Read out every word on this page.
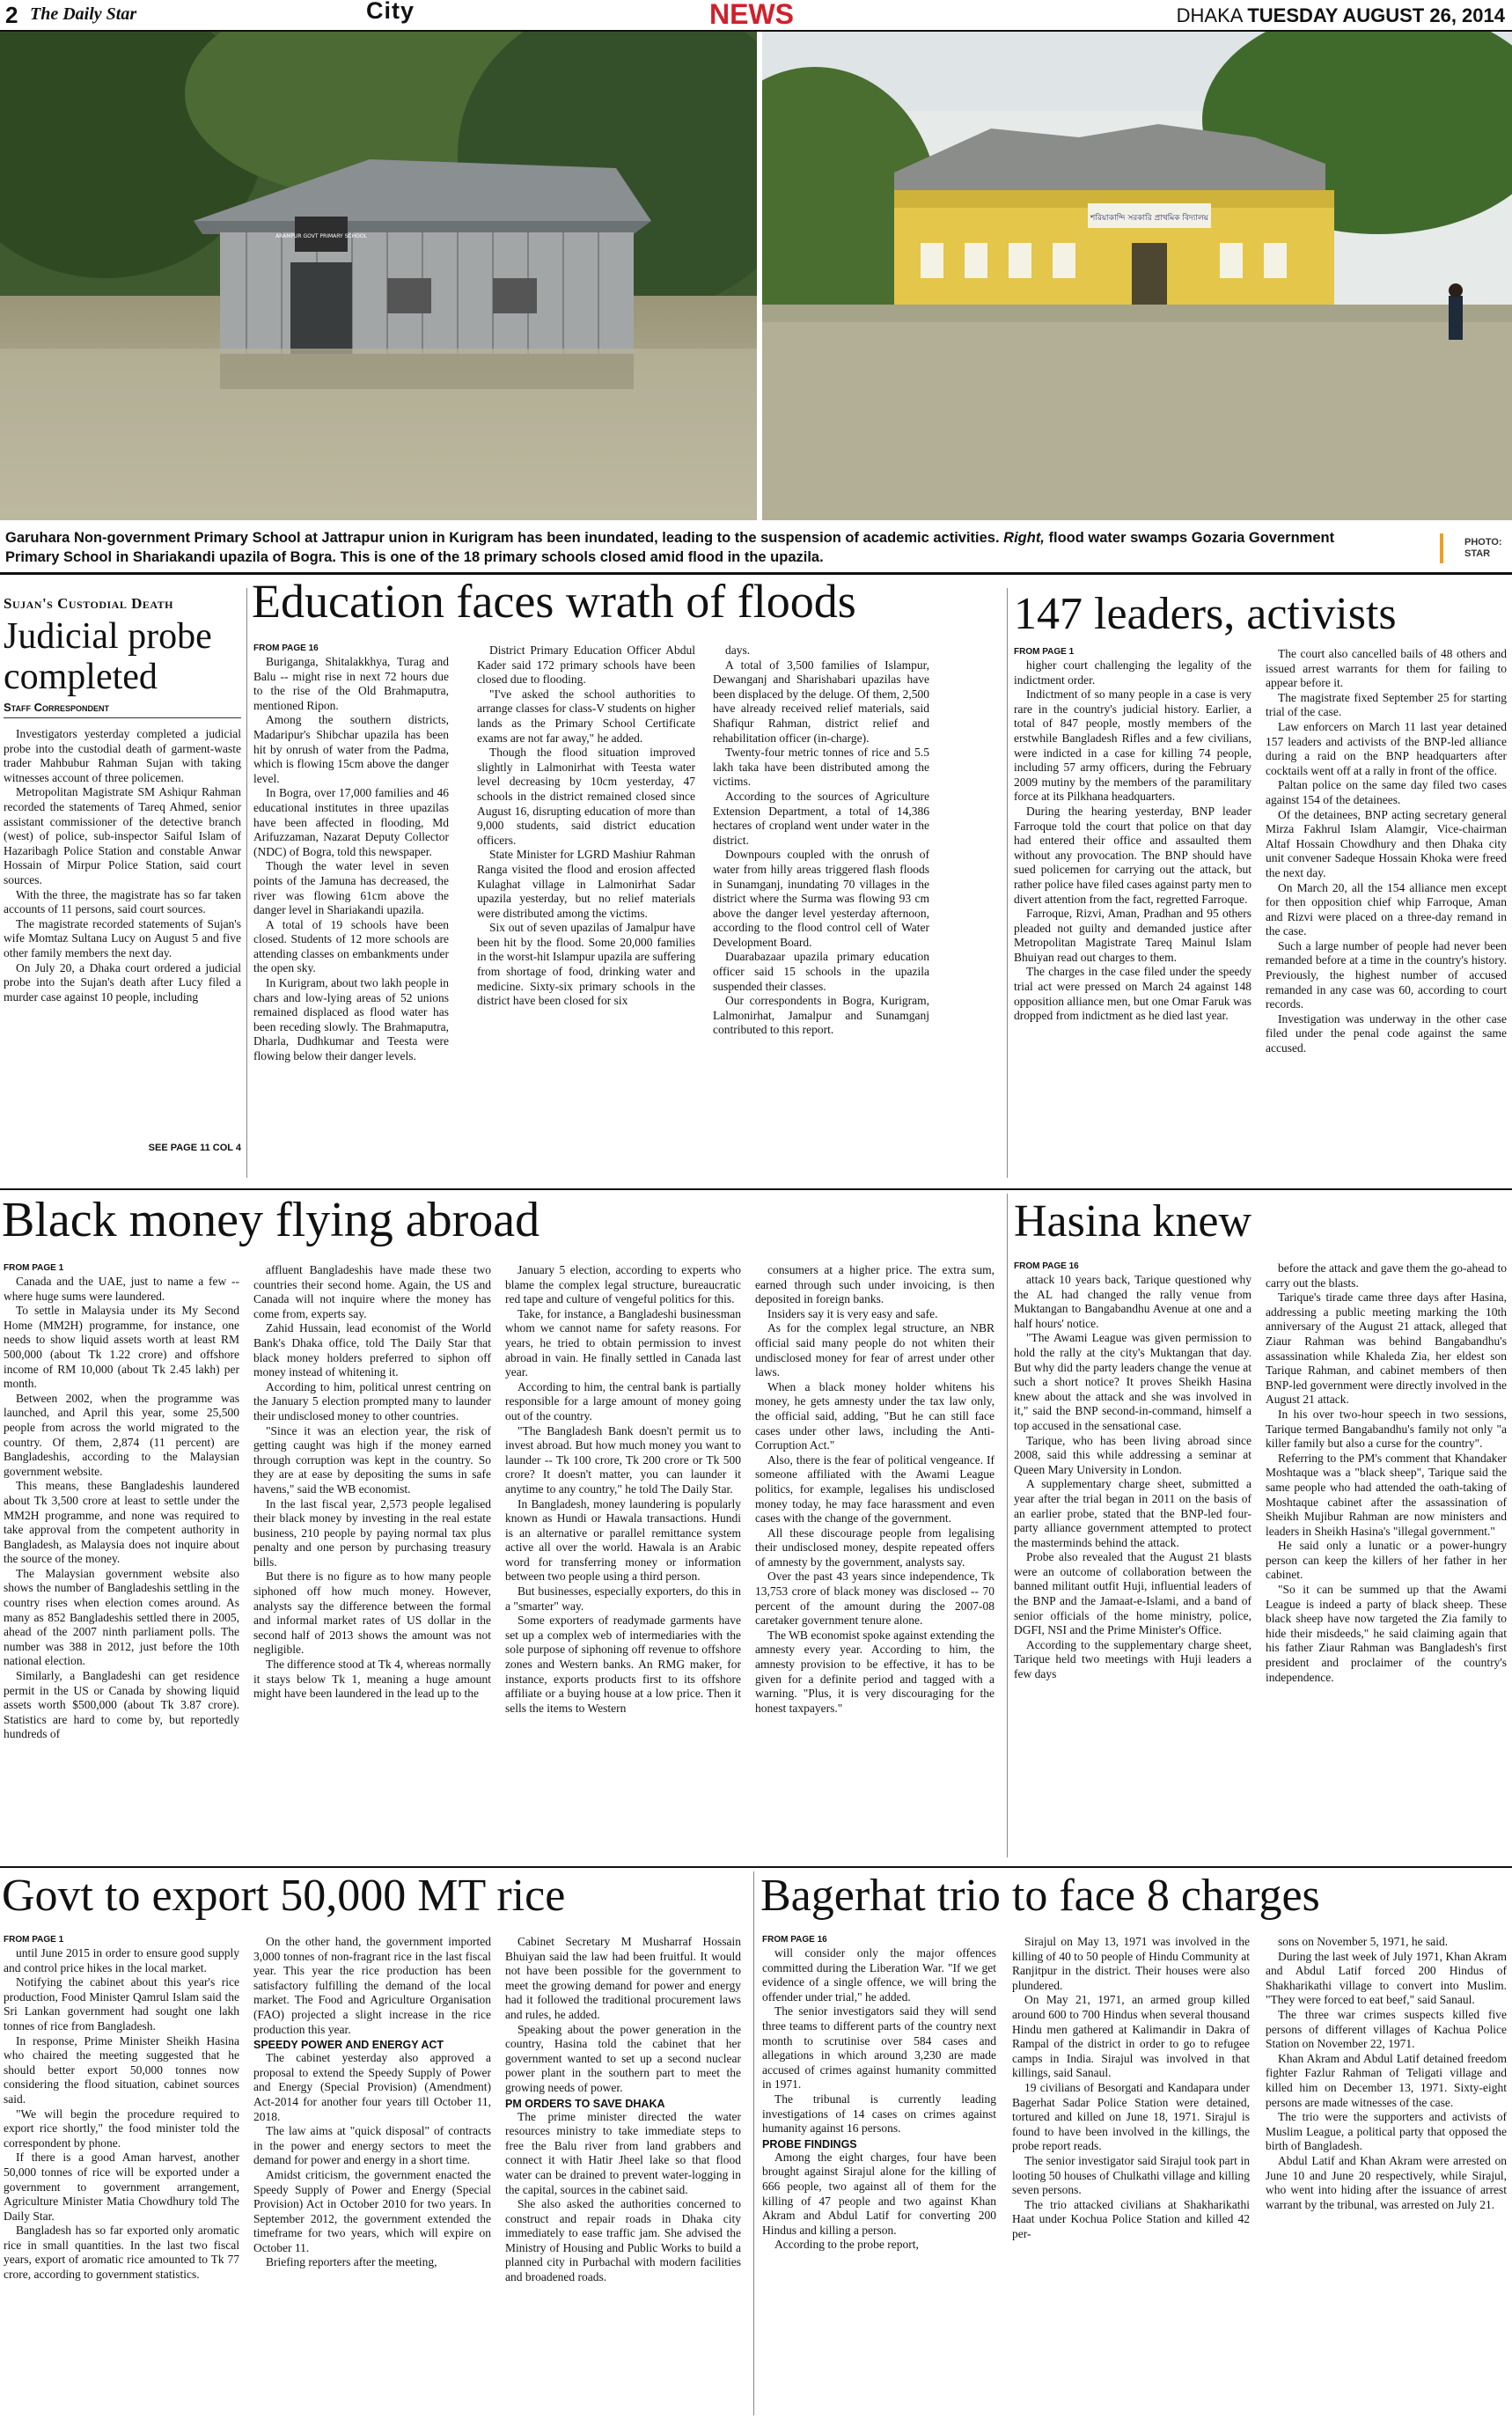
2 The Daily Star	City	NEWS	DHAKA TUESDAY AUGUST 26, 2014
ARAMPUR GOVT PRIMARY SCHOOL
শরিয়াকান্দি সরকারি প্রাথমিক বিদ্যালয়
Garuhara Non-government Primary School at Jattrapur union in Kurigram has been inundated, leading to the suspension of academic activities. Right, flood water swamps Gozaria Government Primary School in Shariakandi upazila of Bogra. This is one of the 18 primary schools closed amid flood in the upazila.
PHOTO: STAR
Sujan's Custodial Death
Judicial probe completed
Staff Correspondent

Investigators yesterday completed a judicial probe into the custodial death of garment-waste trader Mahbubur Rahman Sujan with taking witnesses account of three policemen.

Metropolitan Magistrate SM Ashiqur Rahman recorded the statements of Tareq Ahmed, senior assistant commissioner of the detective branch (west) of police, sub-inspector Saiful Islam of Hazaribagh Police Station and constable Anwar Hossain of Mirpur Police Station, said court sources.

With the three, the magistrate has so far taken accounts of 11 persons, said court sources.

The magistrate recorded statements of Sujan's wife Momtaz Sultana Lucy on August 5 and five other family members the next day.

On July 20, a Dhaka court ordered a judicial probe into the Sujan's death after Lucy filed a murder case against 10 people, including

SEE PAGE 11 COL 4
Education faces wrath of floods
FROM PAGE 16

Buriganga, Shitalakkhya, Turag and Balu -- might rise in next 72 hours due to the rise of the Old Brahmaputra, mentioned Ripon.

Among the southern districts, Madaripur's Shibchar upazila has been hit by onrush of water from the Padma, which is flowing 15cm above the danger level.

In Bogra, over 17,000 families and 46 educational institutes in three upazilas have been affected in flooding, Md Arifuzzaman, Nazarat Deputy Collector (NDC) of Bogra, told this newspaper.

Though the water level in seven points of the Jamuna has decreased, the river was flowing 61cm above the danger level in Shariakandi upazila.

A total of 19 schools have been closed. Students of 12 more schools are attending classes on embankments under the open sky.

In Kurigram, about two lakh people in chars and low-lying areas of 52 unions remained displaced as flood water has been receding slowly. The Brahmaputra, Dharla, Dudhkumar and Teesta were flowing below their danger levels.

District Primary Education Officer Abdul Kader said 172 primary schools have been closed due to flooding.

"I've asked the school authorities to arrange classes for class-V students on higher lands as the Primary School Certificate exams are not far away," he added.

Though the flood situation improved slightly in Lalmonirhat with Teesta water level decreasing by 10cm yesterday, 47 schools in the district remained closed since August 16, disrupting education of more than 9,000 students, said district education officers.

State Minister for LGRD Mashiur Rahman Ranga visited the flood and erosion affected Kulaghat village in Lalmonirhat Sadar upazila yesterday, but no relief materials were distributed among the victims.

Six out of seven upazilas of Jamalpur have been hit by the flood. Some 20,000 families in the worst-hit Islampur upazila are suffering from shortage of food, drinking water and medicine. Sixty-six primary schools in the district have been closed for six

days.

A total of 3,500 families of Islampur, Dewanganj and Sharishabari upazilas have been displaced by the deluge. Of them, 2,500 have already received relief materials, said Shafiqur Rahman, district relief and rehabilitation officer (in-charge).

Twenty-four metric tonnes of rice and 5.5 lakh taka have been distributed among the victims.

According to the sources of Agriculture Extension Department, a total of 14,386 hectares of cropland went under water in the district.

Downpours coupled with the onrush of water from hilly areas triggered flash floods in Sunamganj, inundating 70 villages in the district where the Surma was flowing 93 cm above the danger level yesterday afternoon, according to the flood control cell of Water Development Board.

Duarabazaar upazila primary education officer said 15 schools in the upazila suspended their classes.

Our correspondents in Bogra, Kurigram, Lalmonirhat, Jamalpur and Sunamganj contributed to this report.

147 leaders, activists
FROM PAGE 1

higher court challenging the legality of the indictment order.

Indictment of so many people in a case is very rare in the country's judicial history. Earlier, a total of 847 people, mostly members of the erstwhile Bangladesh Rifles and a few civilians, were indicted in a case for killing 74 people, including 57 army officers, during the February 2009 mutiny by the members of the paramilitary force at its Pilkhana headquarters.

During the hearing yesterday, BNP leader Farroque told the court that police on that day had entered their office and assaulted them without any provocation. The BNP should have sued policemen for carrying out the attack, but rather police have filed cases against party men to divert attention from the fact, regretted Farroque.

Farroque, Rizvi, Aman, Pradhan and 95 others pleaded not guilty and demanded justice after Metropolitan Magistrate Tareq Mainul Islam Bhuiyan read out charges to them.

The charges in the case filed under the speedy trial act were pressed on March 24 against 148 opposition alliance men, but one Omar Faruk was dropped from indictment as he died last year.

The court also cancelled bails of 48 others and issued arrest warrants for them for failing to appear before it.

The magistrate fixed September 25 for starting trial of the case.

Law enforcers on March 11 last year detained 157 leaders and activists of the BNP-led alliance during a raid on the BNP headquarters after cocktails went off at a rally in front of the office.

Paltan police on the same day filed two cases against 154 of the detainees.

Of the detainees, BNP acting secretary general Mirza Fakhrul Islam Alamgir, Vice-chairman Altaf Hossain Chowdhury and then Dhaka city unit convener Sadeque Hossain Khoka were freed the next day.

On March 20, all the 154 alliance men except for then opposition chief whip Farroque, Aman and Rizvi were placed on a three-day remand in the case.

Such a large number of people had never been remanded before at a time in the country's history. Previously, the highest number of accused remanded in any case was 60, according to court records.

Investigation was underway in the other case filed under the penal code against the same accused.

Black money flying abroad
FROM PAGE 1

Canada and the UAE, just to name a few -- where huge sums were laundered.

To settle in Malaysia under its My Second Home (MM2H) programme, for instance, one needs to show liquid assets worth at least RM 500,000 (about Tk 1.22 crore) and offshore income of RM 10,000 (about Tk 2.45 lakh) per month.

Between 2002, when the programme was launched, and April this year, some 25,500 people from across the world migrated to the country. Of them, 2,874 (11 percent) are Bangladeshis, according to the Malaysian government website.

This means, these Bangladeshis laundered about Tk 3,500 crore at least to settle under the MM2H programme, and none was required to take approval from the competent authority in Bangladesh, as Malaysia does not inquire about the source of the money.

The Malaysian government website also shows the number of Bangladeshis settling in the country rises when election comes around. As many as 852 Bangladeshis settled there in 2005, ahead of the 2007 ninth parliament polls. The number was 388 in 2012, just before the 10th national election.

Similarly, a Bangladeshi can get residence permit in the US or Canada by showing liquid assets worth $500,000 (about Tk 3.87 crore). Statistics are hard to come by, but reportedly hundreds of

affluent Bangladeshis have made these two countries their second home. Again, the US and Canada will not inquire where the money has come from, experts say.

Zahid Hussain, lead economist of the World Bank's Dhaka office, told The Daily Star that black money holders preferred to siphon off money instead of whitening it.

According to him, political unrest centring on the January 5 election prompted many to launder their undisclosed money to other countries.

"Since it was an election year, the risk of getting caught was high if the money earned through corruption was kept in the country. So they are at ease by depositing the sums in safe havens," said the WB economist.

In the last fiscal year, 2,573 people legalised their black money by investing in the real estate business, 210 people by paying normal tax plus penalty and one person by purchasing treasury bills.

But there is no figure as to how many people siphoned off how much money. However, analysts say the difference between the formal and informal market rates of US dollar in the second half of 2013 shows the amount was not negligible.

The difference stood at Tk 4, whereas normally it stays below Tk 1, meaning a huge amount might have been laundered in the lead up to the

January 5 election, according to experts who blame the complex legal structure, bureaucratic red tape and culture of vengeful politics for this.

Take, for instance, a Bangladeshi businessman whom we cannot name for safety reasons. For years, he tried to obtain permission to invest abroad in vain. He finally settled in Canada last year.

According to him, the central bank is partially responsible for a large amount of money going out of the country.

"The Bangladesh Bank doesn't permit us to invest abroad. But how much money you want to launder -- Tk 100 crore, Tk 200 crore or Tk 500 crore? It doesn't matter, you can launder it anytime to any country," he told The Daily Star.

In Bangladesh, money laundering is popularly known as Hundi or Hawala transactions. Hundi is an alternative or parallel remittance system active all over the world. Hawala is an Arabic word for transferring money or information between two people using a third person.

But businesses, especially exporters, do this in a "smarter" way.

Some exporters of readymade garments have set up a complex web of intermediaries with the sole purpose of siphoning off revenue to offshore zones and Western banks. An RMG maker, for instance, exports products first to its offshore affiliate or a buying house at a low price. Then it sells the items to Western

consumers at a higher price. The extra sum, earned through such under invoicing, is then deposited in foreign banks.

Insiders say it is very easy and safe.

As for the complex legal structure, an NBR official said many people do not whiten their undisclosed money for fear of arrest under other laws.

When a black money holder whitens his money, he gets amnesty under the tax law only, the official said, adding, "But he can still face cases under other laws, including the Anti-Corruption Act."

Also, there is the fear of political vengeance. If someone affiliated with the Awami League politics, for example, legalises his undisclosed money today, he may face harassment and even cases with the change of the government.

All these discourage people from legalising their undisclosed money, despite repeated offers of amnesty by the government, analysts say.

Over the past 43 years since independence, Tk 13,753 crore of black money was disclosed -- 70 percent of the amount during the 2007-08 caretaker government tenure alone.

The WB economist spoke against extending the amnesty every year. According to him, the amnesty provision to be effective, it has to be given for a definite period and tagged with a warning. "Plus, it is very discouraging for the honest taxpayers."

Hasina knew
FROM PAGE 16

attack 10 years back, Tarique questioned why the AL had changed the rally venue from Muktangan to Bangabandhu Avenue at one and a half hours' notice.

"The Awami League was given permission to hold the rally at the city's Muktangan that day. But why did the party leaders change the venue at such a short notice? It proves Sheikh Hasina knew about the attack and she was involved in it," said the BNP second-in-command, himself a top accused in the sensational case.

Tarique, who has been living abroad since 2008, said this while addressing a seminar at Queen Mary University in London.

A supplementary charge sheet, submitted a year after the trial began in 2011 on the basis of an earlier probe, stated that the BNP-led four-party alliance government attempted to protect the masterminds behind the attack.

Probe also revealed that the August 21 blasts were an outcome of collaboration between the banned militant outfit Huji, influential leaders of the BNP and the Jamaat-e-Islami, and a band of senior officials of the home ministry, police, DGFI, NSI and the Prime Minister's Office.

According to the supplementary charge sheet, Tarique held two meetings with Huji leaders a few days

before the attack and gave them the go-ahead to carry out the blasts.

Tarique's tirade came three days after Hasina, addressing a public meeting marking the 10th anniversary of the August 21 attack, alleged that Ziaur Rahman was behind Bangabandhu's assassination while Khaleda Zia, her eldest son Tarique Rahman, and cabinet members of then BNP-led government were directly involved in the August 21 attack.

In his over two-hour speech in two sessions, Tarique termed Bangabandhu's family not only "a killer family but also a curse for the country".

Referring to the PM's comment that Khandaker Moshtaque was a "black sheep", Tarique said the same people who had attended the oath-taking of Moshtaque cabinet after the assassination of Sheikh Mujibur Rahman are now ministers and leaders in Sheikh Hasina's "illegal government."

He said only a lunatic or a power-hungry person can keep the killers of her father in her cabinet.

"So it can be summed up that the Awami League is indeed a party of black sheep. These black sheep have now targeted the Zia family to hide their misdeeds," he said claiming again that his father Ziaur Rahman was Bangladesh's first president and proclaimer of the country's independence.

Govt to export 50,000 MT rice
FROM PAGE 1

until June 2015 in order to ensure good supply and control price hikes in the local market.

Notifying the cabinet about this year's rice production, Food Minister Qamrul Islam said the Sri Lankan government had sought one lakh tonnes of rice from Bangladesh.

In response, Prime Minister Sheikh Hasina who chaired the meeting suggested that he should better export 50,000 tonnes now considering the flood situation, cabinet sources said.

"We will begin the procedure required to export rice shortly," the food minister told the correspondent by phone.

If there is a good Aman harvest, another 50,000 tonnes of rice will be exported under a government to government arrangement, Agriculture Minister Matia Chowdhury told The Daily Star.

Bangladesh has so far exported only aromatic rice in small quantities. In the last two fiscal years, export of aromatic rice amounted to Tk 77 crore, according to government statistics.

On the other hand, the government imported 3,000 tonnes of non-fragrant rice in the last fiscal year. This year the rice production has been satisfactory fulfilling the demand of the local market. The Food and Agriculture Organisation (FAO) projected a slight increase in the rice production this year.

SPEEDY POWER AND ENERGY ACT

The cabinet yesterday also approved a proposal to extend the Speedy Supply of Power and Energy (Special Provision) (Amendment) Act-2014 for another four years till October 11, 2018.

The law aims at "quick disposal" of contracts in the power and energy sectors to meet the demand for power and energy in a short time.

Amidst criticism, the government enacted the Speedy Supply of Power and Energy (Special Provision) Act in October 2010 for two years. In September 2012, the government extended the timeframe for two years, which will expire on October 11.

Briefing reporters after the meeting,

Cabinet Secretary M Musharraf Hossain Bhuiyan said the law had been fruitful. It would not have been possible for the government to meet the growing demand for power and energy had it followed the traditional procurement laws and rules, he added.

Speaking about the power generation in the country, Hasina told the cabinet that her government wanted to set up a second nuclear power plant in the southern part to meet the growing needs of power.

PM ORDERS TO SAVE DHAKA

The prime minister directed the water resources ministry to take immediate steps to free the Balu river from land grabbers and connect it with Hatir Jheel lake so that flood water can be drained to prevent water-logging in the capital, sources in the cabinet said.

She also asked the authorities concerned to construct and repair roads in Dhaka city immediately to ease traffic jam. She advised the Ministry of Housing and Public Works to build a planned city in Purbachal with modern facilities and broadened roads.

Bagerhat trio to face 8 charges
FROM PAGE 16

will consider only the major offences committed during the Liberation War. "If we get evidence of a single offence, we will bring the offender under trial," he added.

The senior investigators said they will send three teams to different parts of the country next month to scrutinise over 584 cases and allegations in which around 3,230 are made accused of crimes against humanity committed in 1971.

The tribunal is currently leading investigations of 14 cases on crimes against humanity against 16 persons.

PROBE FINDINGS

Among the eight charges, four have been brought against Sirajul alone for the killing of 666 people, two against all of them for the killing of 47 people and two against Khan Akram and Abdul Latif for converting 200 Hindus and killing a person.

According to the probe report,

Sirajul on May 13, 1971 was involved in the killing of 40 to 50 people of Hindu Community at Ranjitpur in the district. Their houses were also plundered.

On May 21, 1971, an armed group killed around 600 to 700 Hindus when several thousand Hindu men gathered at Kalimandir in Dakra of Rampal of the district in order to go to refugee camps in India. Sirajul was involved in that killings, said Sanaul.

19 civilians of Besorgati and Kandapara under Bagerhat Sadar Police Station were detained, tortured and killed on June 18, 1971. Sirajul is found to have been involved in the killings, the probe report reads.

The senior investigator said Sirajul took part in looting 50 houses of Chulkathi village and killing seven persons.

The trio attacked civilians at Shakharikathi Haat under Kochua Police Station and killed 42 per-

sons on November 5, 1971, he said.

During the last week of July 1971, Khan Akram and Abdul Latif forced 200 Hindus of Shakharikathi village to convert into Muslim. "They were forced to eat beef," said Sanaul.

The three war crimes suspects killed five persons of different villages of Kachua Police Station on November 22, 1971.

Khan Akram and Abdul Latif detained freedom fighter Fazlur Rahman of Teligati village and killed him on December 13, 1971. Sixty-eight persons are made witnesses of the case.

The trio were the supporters and activists of Muslim League, a political party that opposed the birth of Bangladesh.

Abdul Latif and Khan Akram were arrested on June 10 and June 20 respectively, while Sirajul, who went into hiding after the issuance of arrest warrant by the tribunal, was arrested on July 21.
